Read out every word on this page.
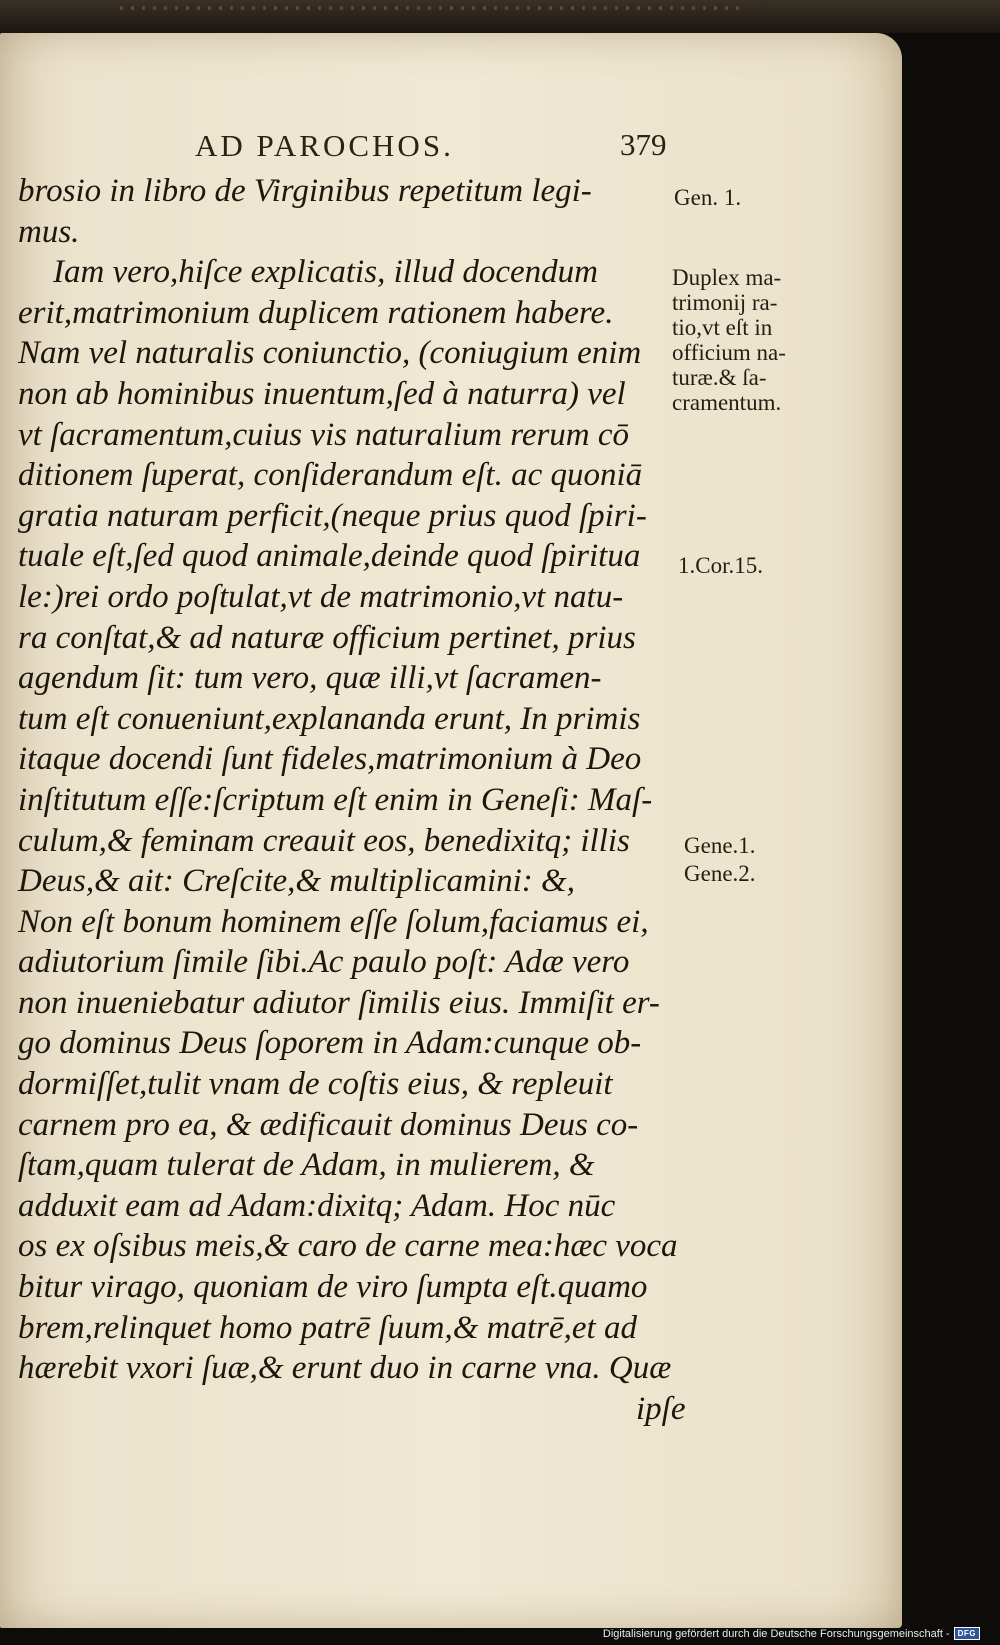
AD PAROCHOS.	379
brosio in libro de Virginibus repetitum legi-
mus.
Iam vero,hiſce explicatis, illud docendum
erit,matrimonium duplicem rationem habere.
Nam vel naturalis coniunctio, (coniugium enim
non ab hominibus inuentum,ſed à naturra) vel
vt ſacramentum,cuius vis naturalium rerum cō
ditionem ſuperat, conſiderandum eſt. ac quoniā
gratia naturam perficit,(neque prius quod ſpiri-
tuale eſt,ſed quod animale,deinde quod ſpiritua
le:)rei ordo poſtulat,vt de matrimonio,vt natu-
ra conſtat,& ad naturæ officium pertinet, prius
agendum ſit: tum vero, quæ illi,vt ſacramen-
tum eſt conueniunt,explananda erunt, In primis
itaque docendi ſunt fideles,matrimonium à Deo
inſtitutum eſſe:ſcriptum eſt enim in Geneſi: Maſ-
culum,& feminam creauit eos, benedixitq; illis
Deus,& ait: Creſcite,& multiplicamini: &,
Non eſt bonum hominem eſſe ſolum,faciamus ei,
adiutorium ſimile ſibi.Ac paulo poſt: Adæ vero
non inueniebatur adiutor ſimilis eius. Immiſit er-
go dominus Deus ſoporem in Adam:cunque ob-
dormiſſet,tulit vnam de coſtis eius, & repleuit
carnem pro ea, & ædificauit dominus Deus co-
ſtam,quam tulerat de Adam, in mulierem, &
adduxit eam ad Adam:dixitq; Adam. Hoc nūc
os ex oſsibus meis,& caro de carne mea:hæc voca
bitur virago, quoniam de viro ſumpta eſt.quamo
brem,relinquet homo patrē ſuum,& matrē,et ad
hærebit vxori ſuæ,& erunt duo in carne vna. Quæ
ipſe
Gen. 1.
Duplex ma-
trimonij ra-
tio,vt eſt in
officium na-
turæ.& ſa-
cramentum.
1.Cor.15.
Gene.1.
Gene.2.
Digitalisierung gefördert durch die Deutsche Forschungsgemeinschaft -	DFG
